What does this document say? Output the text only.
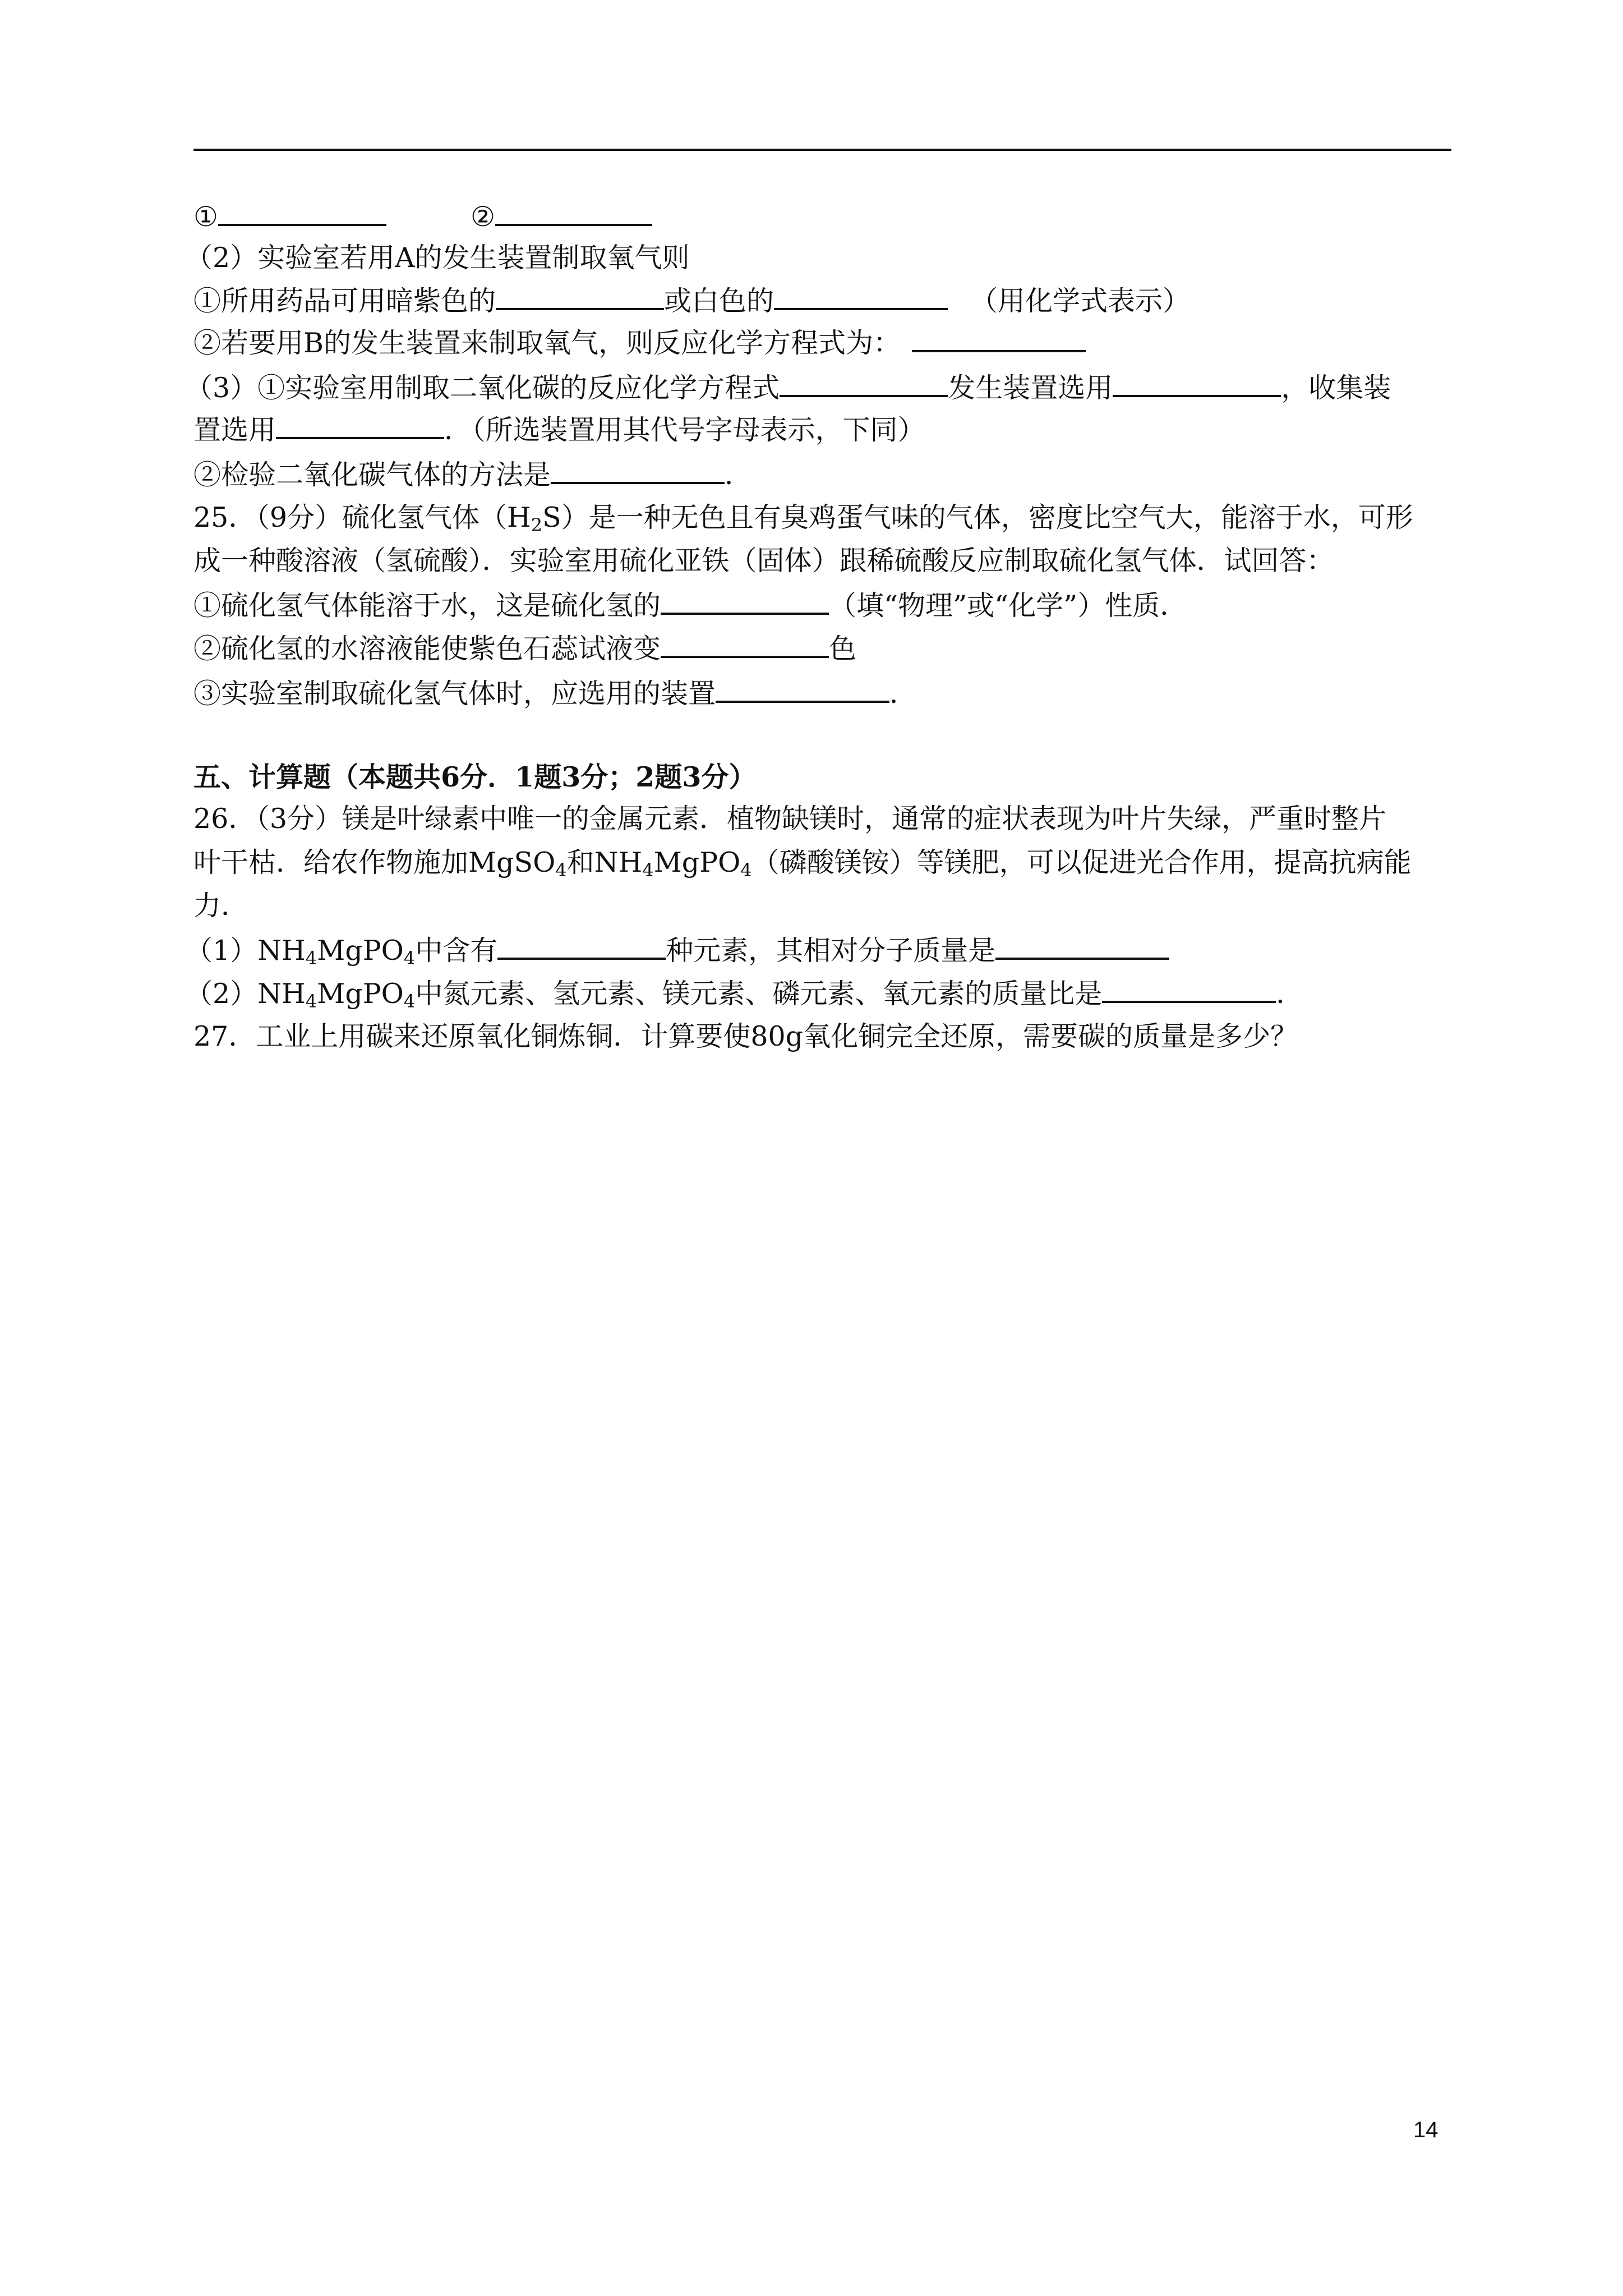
①	②
（2）实验室若用A的发生装置制取氧气则
①所用药品可用暗紫色的	或白色的	（用化学式表示）
②若要用B的发生装置来制取氧气，则反应化学方程式为：
（3）①实验室用制取二氧化碳的反应化学方程式	发生装置选用	，收集装
置选用	．（所选装置用其代号字母表示，下同）
②检验二氧化碳气体的方法是	．
25．（9分）硫化氢气体$(H_2S)$是一种无色且有臭鸡蛋气味的气体，密度比空气大，能溶于水，可形
成一种酸溶液（氢硫酸）．实验室用硫化亚铁（固体）跟稀硫酸反应制取硫化氢气体．试回答：
①硫化氢气体能溶于水，这是硫化氢的	（填“物理”或“化学”）性质．
②硫化氢的水溶液能使紫色石蕊试液变	色
③实验室制取硫化氢气体时，应选用的装置	．
五、计算题（本题共6分．1题3分；2题3分）
26．（3分）镁是叶绿素中唯一的金属元素．植物缺镁时，通常的症状表现为叶片失绿，严重时整片
叶干枯．给农作物施加MgSO$_4$和$NH_4MgPO_4$（磷酸镁铵）等镁肥，可以促进光合作用，提高抗病能
力．
$(1)NH_4MgPO_4$中含有	种元素，其相对分子质量是
$(2)NH_4MgPO_4$中氮元素、氢元素、镁元素、磷元素、氧元素的质量比是	．
27．工业上用碳来还原氧化铜炼铜．计算要使80g氧化铜完全还原，需要碳的质量是多少？
14
